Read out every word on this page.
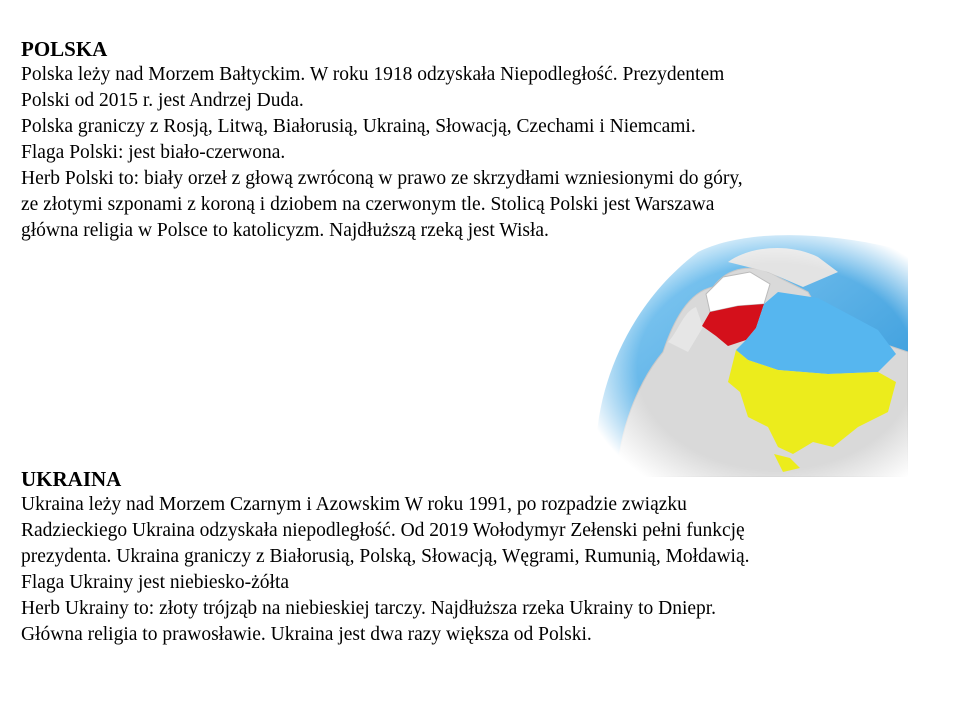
POLSKA

Polska leży nad Morzem Bałtyckim. W roku 1918 odzyskała Niepodległość. Prezydentem

Polski od 2015 r. jest Andrzej Duda.

Polska graniczy z Rosją, Litwą, Białorusią, Ukrainą, Słowacją, Czechami i Niemcami.

Flaga Polski: jest biało-czerwona.

Herb Polski to: biały orzeł z głową zwróconą w prawo ze skrzydłami wzniesionymi do góry,

ze złotymi szponami z koroną i dziobem na czerwonym tle. Stolicą Polski jest Warszawa

główna religia w Polsce to katolicyzm. Najdłuższą rzeką jest Wisła.

UKRAINA

Ukraina leży nad Morzem Czarnym i Azowskim W roku 1991, po rozpadzie związku

Radzieckiego Ukraina odzyskała niepodległość. Od 2019 Wołodymyr Zełenski pełni funkcję

prezydenta. Ukraina graniczy z Białorusią, Polską, Słowacją, Węgrami, Rumunią, Mołdawią.

Flaga Ukrainy jest niebiesko-żółta

Herb Ukrainy to: złoty trójząb na niebieskiej tarczy. Najdłuższa rzeka Ukrainy to Dniepr.

Główna religia to prawosławie. Ukraina jest dwa razy większa od Polski.
